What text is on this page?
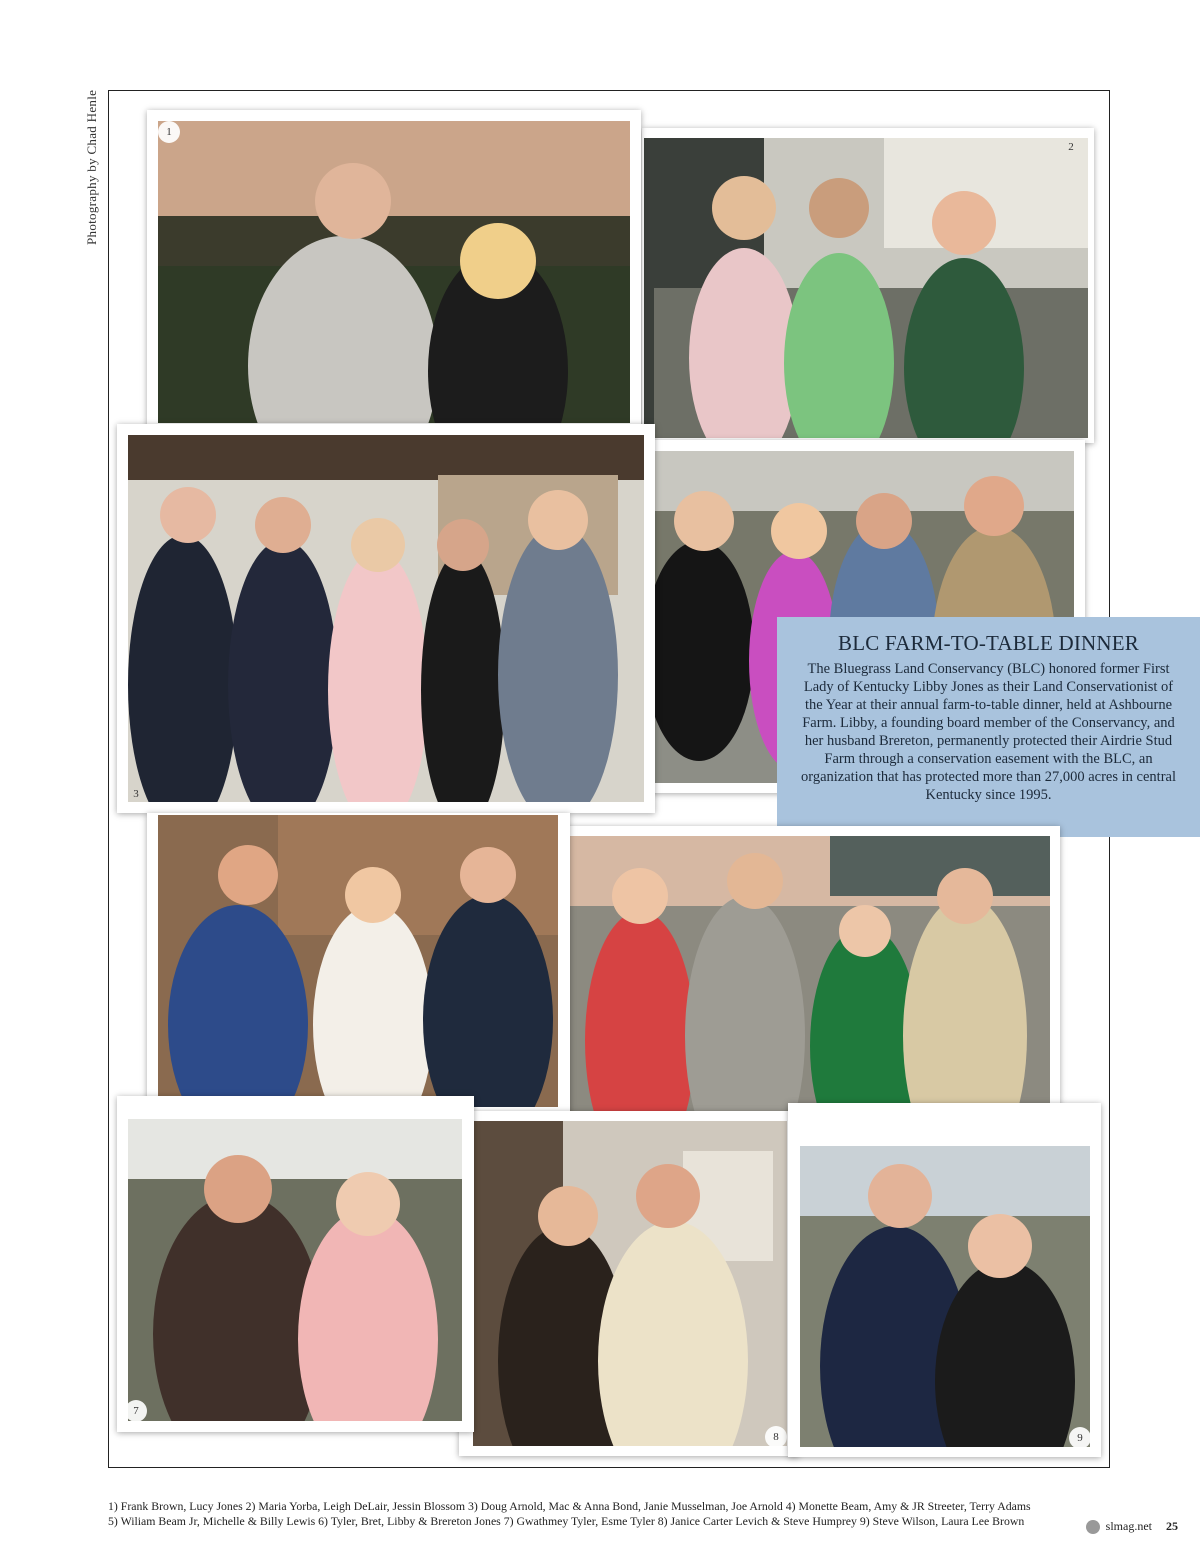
Photography by Chad Henle	2
1
3
BLC FARM-TO-TABLE DINNER

The Bluegrass Land Conservancy (BLC) honored former First Lady of Kentucky Libby Jones as their Land Conservationist of the Year at their annual farm-to-table dinner, held at Ashbourne Farm. Libby, a founding board member of the Conservancy, and her husband Brereton, permanently protected their Airdrie Stud Farm through a conservation easement with the BLC, an organization that has protected more than 27,000 acres in central Kentucky since 1995.

8	9
7
1) Frank Brown, Lucy Jones 2) Maria Yorba, Leigh DeLair, Jessin Blossom 3) Doug Arnold, Mac & Anna Bond, Janie Musselman, Joe Arnold 4) Monette Beam, Amy & JR Streeter, Terry Adams
5) Wiliam Beam Jr, Michelle & Billy Lewis 6) Tyler, Bret, Libby & Brereton Jones 7) Gwathmey Tyler, Esme Tyler 8) Janice Carter Levich & Steve Humprey 9) Steve Wilson, Laura Lee Brown	slmag.net 25
